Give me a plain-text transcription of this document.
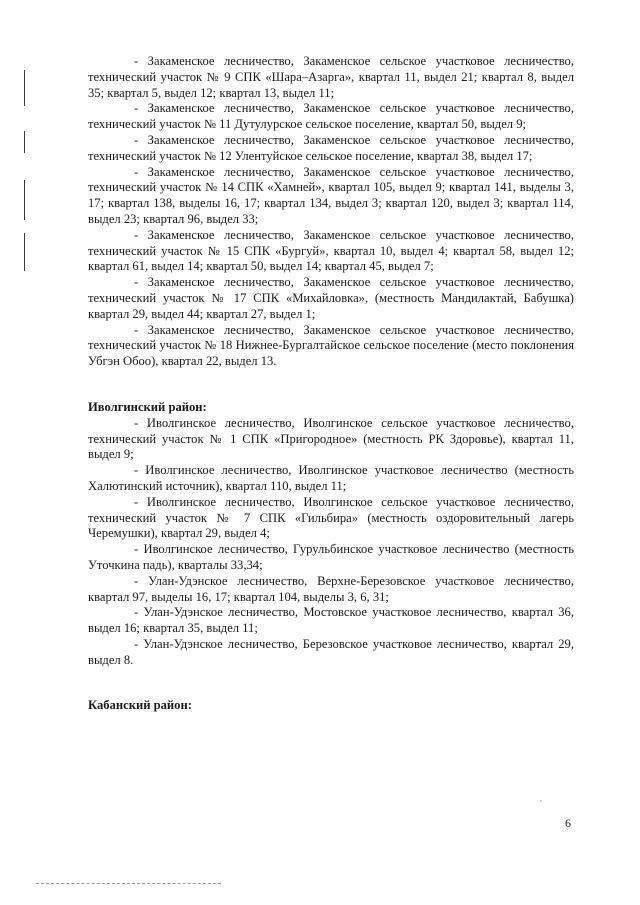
- Закаменское лесничество, Закаменское сельское участковое лесничество, технический участок № 9 СПК «Шара–Азарга», квартал 11, выдел 21; квартал 8, выдел 35; квартал 5, выдел 12; квартал 13, выдел 11;

- Закаменское лесничество, Закаменское сельское участковое лесничество, технический участок № 11 Дутулурское сельское поселение, квартал 50, выдел 9;

- Закаменское лесничество, Закаменское сельское участковое лесничество, технический участок № 12 Улентуйское сельское поселение, квартал 38, выдел 17;

- Закаменское лесничество, Закаменское сельское участковое лесничество, технический участок № 14 СПК «Хамней», квартал 105, выдел 9; квартал 141, выделы 3, 17; квартал 138, выделы 16, 17; квартал 134, выдел 3; квартал 120, выдел 3; квартал 114, выдел 23; квартал 96, выдел 33;

- Закаменское лесничество, Закаменское сельское участковое лесничество, технический участок № 15 СПК «Бургуй», квартал 10, выдел 4; квартал 58, выдел 12; квартал 61, выдел 14; квартал 50, выдел 14; квартал 45, выдел 7;

- Закаменское лесничество, Закаменское сельское участковое лесничество, технический участок № 17 СПК «Михайловка», (местность Мандилактай, Бабушка) квартал 29, выдел 44; квартал 27, выдел 1;

- Закаменское лесничество, Закаменское сельское участковое лесничество, технический участок № 18 Нижнее-Бургалтайское сельское поселение (место поклонения Убгэн Обоо), квартал 22, выдел 13.

Иволгинский район:

- Иволгинское лесничество, Иволгинское сельское участковое лесничество, технический участок № 1 СПК «Пригородное» (местность РК Здоровье), квартал 11, выдел 9;

- Иволгинское лесничество, Иволгинское участковое лесничество (местность Халютинский источник), квартал 110, выдел 11;

- Иволгинское лесничество, Иволгинское сельское участковое лесничество, технический участок № 7 СПК «Гильбира» (местность оздоровительный лагерь Черемушки), квартал 29, выдел 4;

- Иволгинское лесничество, Гурульбинское участковое лесничество (местность Уточкина падь), кварталы 33,34;

- Улан-Удэнское лесничество, Верхне-Березовское участковое лесничество, квартал 97, выделы 16, 17; квартал 104, выделы 3, 6, 31;

- Улан-Удэнское лесничество, Мостовское участковое лесничество, квартал 36, выдел 16; квартал 35, выдел 11;

- Улан-Удэнское лесничество, Березовское участковое лесничество, квартал 29, выдел 8.

Кабанский район:

6
